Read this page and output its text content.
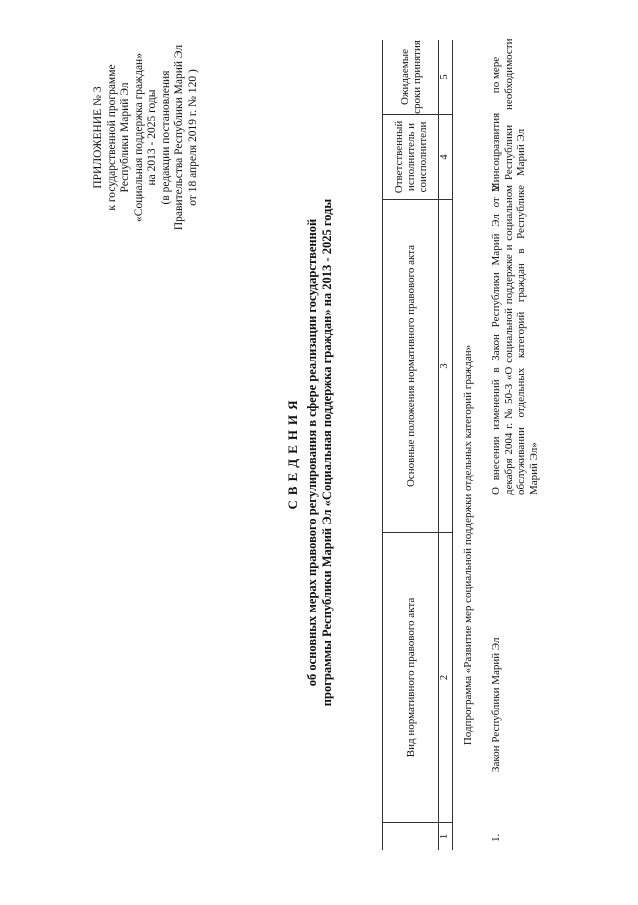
ПРИЛОЖЕНИЕ № 3 к государственной программе Республики Марий Эл «Социальная поддержка граждан» на 2013 - 2025 годы (в редакции постановления Правительства Республики Марий Эл от 18 апреля 2019 г. № 120 )
СВЕДЕНИЯ об основных мерах правового регулирования в сфере реализации государственной программы Республики Марий Эл «Социальная поддержка граждан» на 2013 - 2025 годы	Вид нормативного правового акта
Основные положения нормативного правового акта
Ответственный исполнитель и соисполнители
Ожидаемые сроки принятия
1
2
3
4
5
Подпрограмма «Развитие мер социальной поддержки отдельных категорий граждан»
1.
Закон Республики Марий Эл
О внесении изменений в Закон Республики Марий Эл от 2 декабря 2004 г. № 50-З «О социальной поддержке и социальном обслуживании отдельных категорий граждан в Республике Марий Эл»
Минсоцразвития Республики Марий Эл
по мере необходимости
